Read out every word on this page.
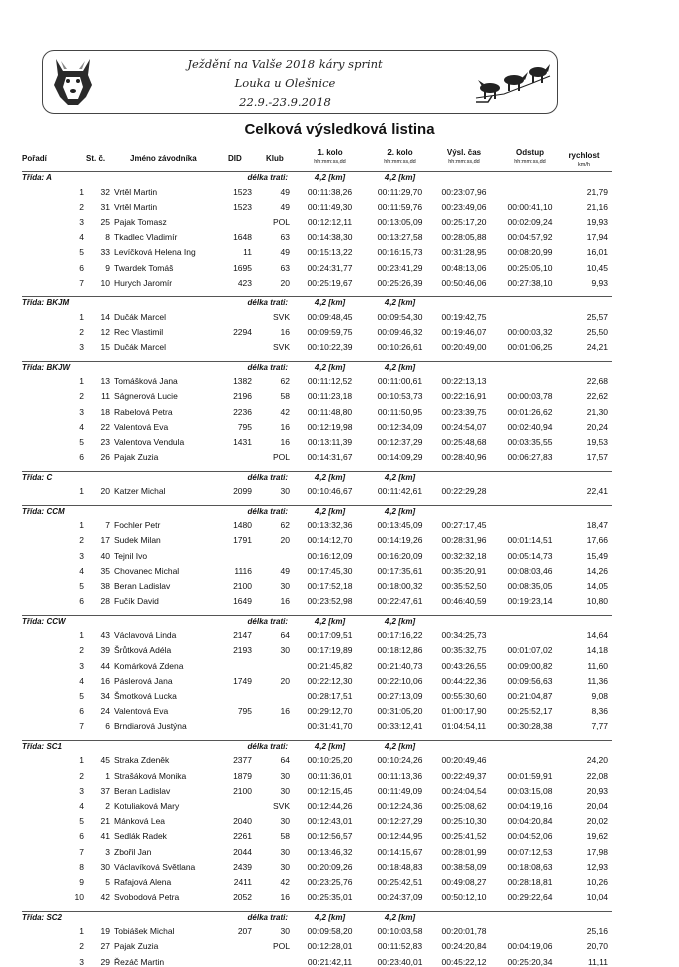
Ježdění na Valše 2018 káry sprint
Louka u Olešnice
22.9.-23.9.2018
Celková výsledková listina
Pořadí	St. č.	Jméno závodníka	DID	Klub
1. kolo
hh:mm:ss,dd
2. kolo
hh:mm:ss,dd
Výsl. čas
hh:mm:ss,dd
Odstup
hh:mm:ss,dd
rychlost
km/h
Třída: A	délka trati:	4,2 [km]	4,2 [km]
1	32 Vrtěl Martin	1523	49	00:11:38,26	00:11:29,70	00:23:07,96	21,79
2	31 Vrtěl Martin	1523	49	00:11:49,30	00:11:59,76	00:23:49,06	00:00:41,10	21,16
3	25 Pajak Tomasz	POL	00:12:12,11	00:13:05,09	00:25:17,20	00:02:09,24	19,93
4	8 Tkadlec Vladimír	1648	63	00:14:38,30	00:13:27,58	00:28:05,88	00:04:57,92	17,94
5	33 Levíčková Helena Ing	11	49	00:15:13,22	00:16:15,73	00:31:28,95	00:08:20,99	16,01
6	9 Twardek Tomáš	1695	63	00:24:31,77	00:23:41,29	00:48:13,06	00:25:05,10	10,45
7	10 Hurych Jaromír	423	20	00:25:19,67	00:25:26,39	00:50:46,06	00:27:38,10	9,93
Třída: BKJM	délka trati:	4,2 [km]	4,2 [km]
1	14 Dučák Marcel	SVK	00:09:48,45	00:09:54,30	00:19:42,75	25,57
2	12 Rec Vlastimil	2294	16	00:09:59,75	00:09:46,32	00:19:46,07	00:00:03,32	25,50
3	15 Dučák Marcel	SVK	00:10:22,39	00:10:26,61	00:20:49,00	00:01:06,25	24,21
Třída: BKJW	délka trati:	4,2 [km]	4,2 [km]
1	13 Tomášková Jana	1382	62	00:11:12,52	00:11:00,61	00:22:13,13	22,68
2	11 Ságnerová Lucie	2196	58	00:11:23,18	00:10:53,73	00:22:16,91	00:00:03,78	22,62
3	18 Rabelová Petra	2236	42	00:11:48,80	00:11:50,95	00:23:39,75	00:01:26,62	21,30
4	22 Valentová Eva	795	16	00:12:19,98	00:12:34,09	00:24:54,07	00:02:40,94	20,24
5	23 Valentova Vendula	1431	16	00:13:11,39	00:12:37,29	00:25:48,68	00:03:35,55	19,53
6	26 Pajak Zuzia	POL	00:14:31,67	00:14:09,29	00:28:40,96	00:06:27,83	17,57
Třída: C	délka trati:	4,2 [km]	4,2 [km]
1	20 Katzer Michal	2099	30	00:10:46,67	00:11:42,61	00:22:29,28	22,41
Třída: CCM	délka trati:	4,2 [km]	4,2 [km]
1	7 Fochler Petr	1480	62	00:13:32,36	00:13:45,09	00:27:17,45	18,47
2	17 Sudek Milan	1791	20	00:14:12,70	00:14:19,26	00:28:31,96	00:01:14,51	17,66
3	40 Tejnil Ivo	00:16:12,09	00:16:20,09	00:32:32,18	00:05:14,73	15,49
4	35 Chovanec Michal	1116	49	00:17:45,30	00:17:35,61	00:35:20,91	00:08:03,46	14,26
5	38 Beran Ladislav	2100	30	00:17:52,18	00:18:00,32	00:35:52,50	00:08:35,05	14,05
6	28 Fučík David	1649	16	00:23:52,98	00:22:47,61	00:46:40,59	00:19:23,14	10,80
Třída: CCW	délka trati:	4,2 [km]	4,2 [km]
1	43 Václavová Linda	2147	64	00:17:09,51	00:17:16,22	00:34:25,73	14,64
2	39 Šrůtková Adéla	2193	30	00:17:19,89	00:18:12,86	00:35:32,75	00:01:07,02	14,18
3	44 Komárková Zdena	00:21:45,82	00:21:40,73	00:43:26,55	00:09:00,82	11,60
4	16 Páslerová Jana	1749	20	00:22:12,30	00:22:10,06	00:44:22,36	00:09:56,63	11,36
5	34 Šmotková Lucka	00:28:17,51	00:27:13,09	00:55:30,60	00:21:04,87	9,08
6	24 Valentová Eva	795	16	00:29:12,70	00:31:05,20	01:00:17,90	00:25:52,17	8,36
7	6 Brndiarová Justýna	00:31:41,70	00:33:12,41	01:04:54,11	00:30:28,38	7,77
Třída: SC1	délka trati:	4,2 [km]	4,2 [km]
1	45 Straka Zdeněk	2377	64	00:10:25,20	00:10:24,26	00:20:49,46	24,20
2	1 Strašáková Monika	1879	30	00:11:36,01	00:11:13,36	00:22:49,37	00:01:59,91	22,08
3	37 Beran Ladislav	2100	30	00:12:15,45	00:11:49,09	00:24:04,54	00:03:15,08	20,93
4	2 Kotuliaková Mary	SVK	00:12:44,26	00:12:24,36	00:25:08,62	00:04:19,16	20,04
5	21 Mánková Lea	2040	30	00:12:43,01	00:12:27,29	00:25:10,30	00:04:20,84	20,02
6	41 Sedlák Radek	2261	58	00:12:56,57	00:12:44,95	00:25:41,52	00:04:52,06	19,62
7	3 Zbořil Jan	2044	30	00:13:46,32	00:14:15,67	00:28:01,99	00:07:12,53	17,98
8	30 Václavíková Světlana	2439	30	00:20:09,26	00:18:48,83	00:38:58,09	00:18:08,63	12,93
9	5 Rafajová Alena	2411	42	00:23:25,76	00:25:42,51	00:49:08,27	00:28:18,81	10,26
10	42 Svobodová Petra	2052	16	00:25:35,01	00:24:37,09	00:50:12,10	00:29:22,64	10,04
Třída: SC2	délka trati:	4,2 [km]	4,2 [km]
1	19 Tobiášek Michal	207	30	00:09:58,20	00:10:03,58	00:20:01,78	25,16
2	27 Pajak Zuzia	POL	00:12:28,01	00:11:52,83	00:24:20,84	00:04:19,06	20,70
3	29 Řezáč Martin	00:21:42,11	00:23:40,01	00:45:22,12	00:25:20,34	11,11
